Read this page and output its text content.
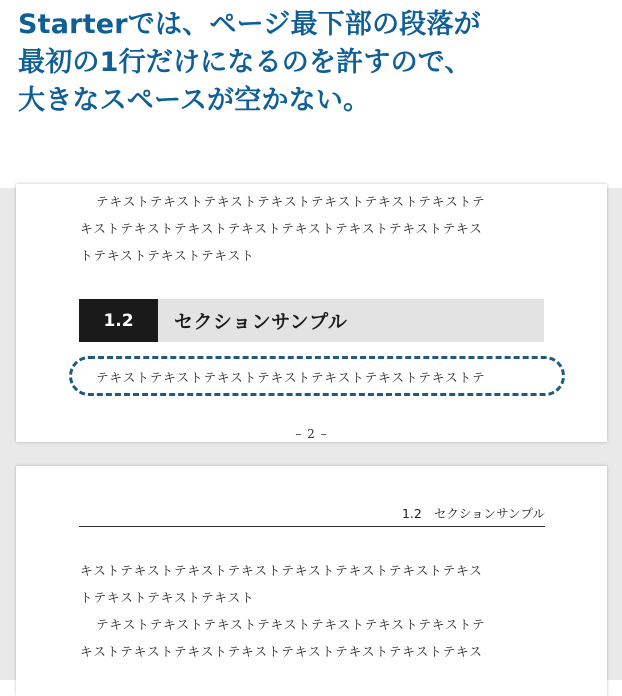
Starterでは、ページ最下部の段落が
最初の1行だけになるのを許すので、
大きなスペースが空かない。
テキストテキストテキストテキストテキストテキストテキストテ
キストテキストテキストテキストテキストテキストテキストテキス
トテキストテキストテキスト
1.2	セクションサンプル
テキストテキストテキストテキストテキストテキストテキストテ
– 2 –
1.2 セクションサンプル
キストテキストテキストテキストテキストテキストテキストテキス
トテキストテキストテキスト
テキストテキストテキストテキストテキストテキストテキストテ
キストテキストテキストテキストテキストテキストテキストテキス
